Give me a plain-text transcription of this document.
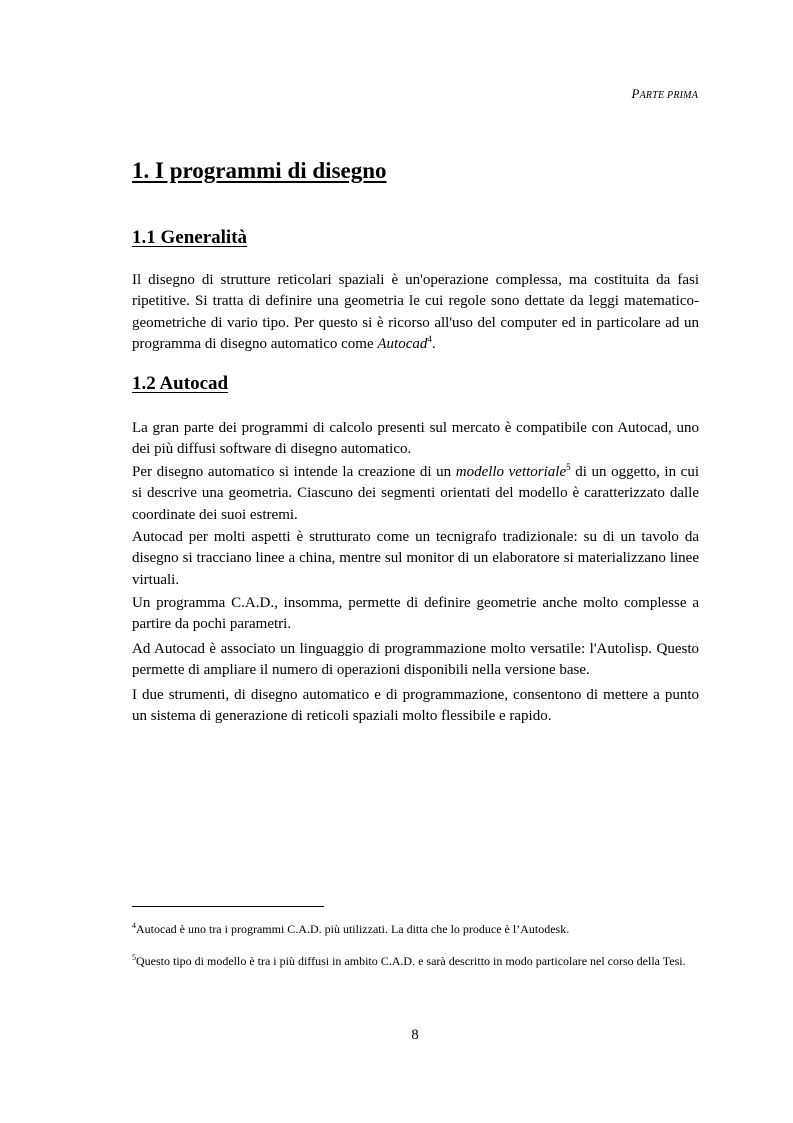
PARTE PRIMA
1. I programmi di disegno
1.1 Generalità

Il disegno di strutture reticolari spaziali è un'operazione complessa, ma costituita da fasi ripetitive. Si tratta di definire una geometria le cui regole sono dettate da leggi matematico-geometriche di vario tipo. Per questo si è ricorso all'uso del computer ed in particolare ad un programma di disegno automatico come Autocad$^4$.

1.2 Autocad

La gran parte dei programmi di calcolo presenti sul mercato è compatibile con Autocad, uno dei più diffusi software di disegno automatico.

Per disegno automatico si intende la creazione di un modello vettoriale$^5$ di un oggetto, in cui si descrive una geometria. Ciascuno dei segmenti orientati del modello è caratterizzato dalle coordinate dei suoi estremi.

Autocad per molti aspetti è strutturato come un tecnigrafo tradizionale: su di un tavolo da disegno si tracciano linee a china, mentre sul monitor di un elaboratore si materializzano linee virtuali.

Un programma C.A.D., insomma, permette di definire geometrie anche molto complesse a partire da pochi parametri.

Ad Autocad è associato un linguaggio di programmazione molto versatile: l'Autolisp. Questo permette di ampliare il numero di operazioni disponibili nella versione base.

I due strumenti, di disegno automatico e di programmazione, consentono di mettere a punto un sistema di generazione di reticoli spaziali molto flessibile e rapido.

$^4$Autocad è uno tra i programmi C.A.D. più utilizzati. La ditta che lo produce è l’Autodesk.

$^5$Questo tipo di modello è tra i più diffusi in ambito C.A.D. e sarà descritto in modo particolare nel corso della Tesi.

8
